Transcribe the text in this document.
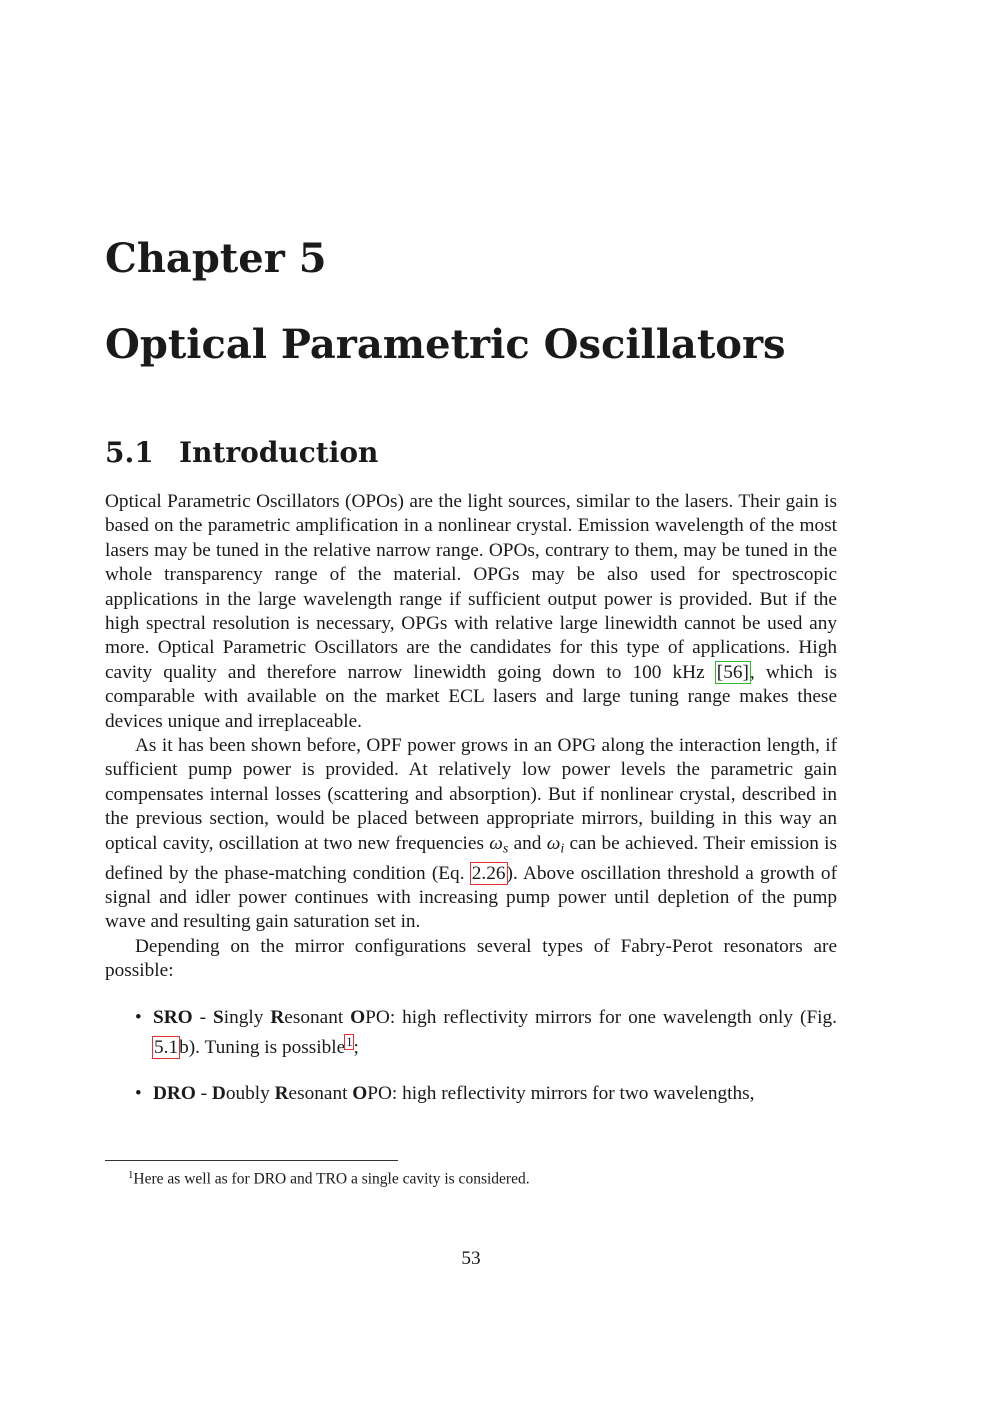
Chapter 5
Optical Parametric Oscillators
5.1 Introduction

Optical Parametric Oscillators (OPOs) are the light sources, similar to the lasers. Their gain is based on the parametric amplification in a nonlinear crystal. Emission wavelength of the most lasers may be tuned in the relative narrow range. OPOs, contrary to them, may be tuned in the whole transparency range of the material. OPGs may be also used for spectroscopic applications in the large wavelength range if sufficient output power is provided. But if the high spectral resolution is necessary, OPGs with relative large linewidth cannot be used any more. Optical Parametric Oscillators are the candidates for this type of applications. High cavity quality and therefore narrow linewidth going down to 100 kHz [56], which is comparable with available on the market ECL lasers and large tuning range makes these devices unique and irreplaceable.

As it has been shown before, OPF power grows in an OPG along the interaction length, if sufficient pump power is provided. At relatively low power levels the parametric gain compensates internal losses (scattering and absorption). But if nonlinear crystal, described in the previous section, would be placed between appropriate mirrors, building in this way an optical cavity, oscillation at two new frequencies $\omega_s$ and $\omega_i$ can be achieved. Their emission is defined by the phase-matching condition (Eq. 2.26). Above oscillation threshold a growth of signal and idler power continues with increasing pump power until depletion of the pump wave and resulting gain saturation set in.

Depending on the mirror configurations several types of Fabry-Perot resonators are possible:

• SRO - Singly Resonant OPO: high reflectivity mirrors for one wavelength only (Fig. 5.1b). Tuning is possible$^1$;
• DRO - Doubly Resonant OPO: high reflectivity mirrors for two wavelengths,
$^1$Here as well as for DRO and TRO a single cavity is considered.
53
